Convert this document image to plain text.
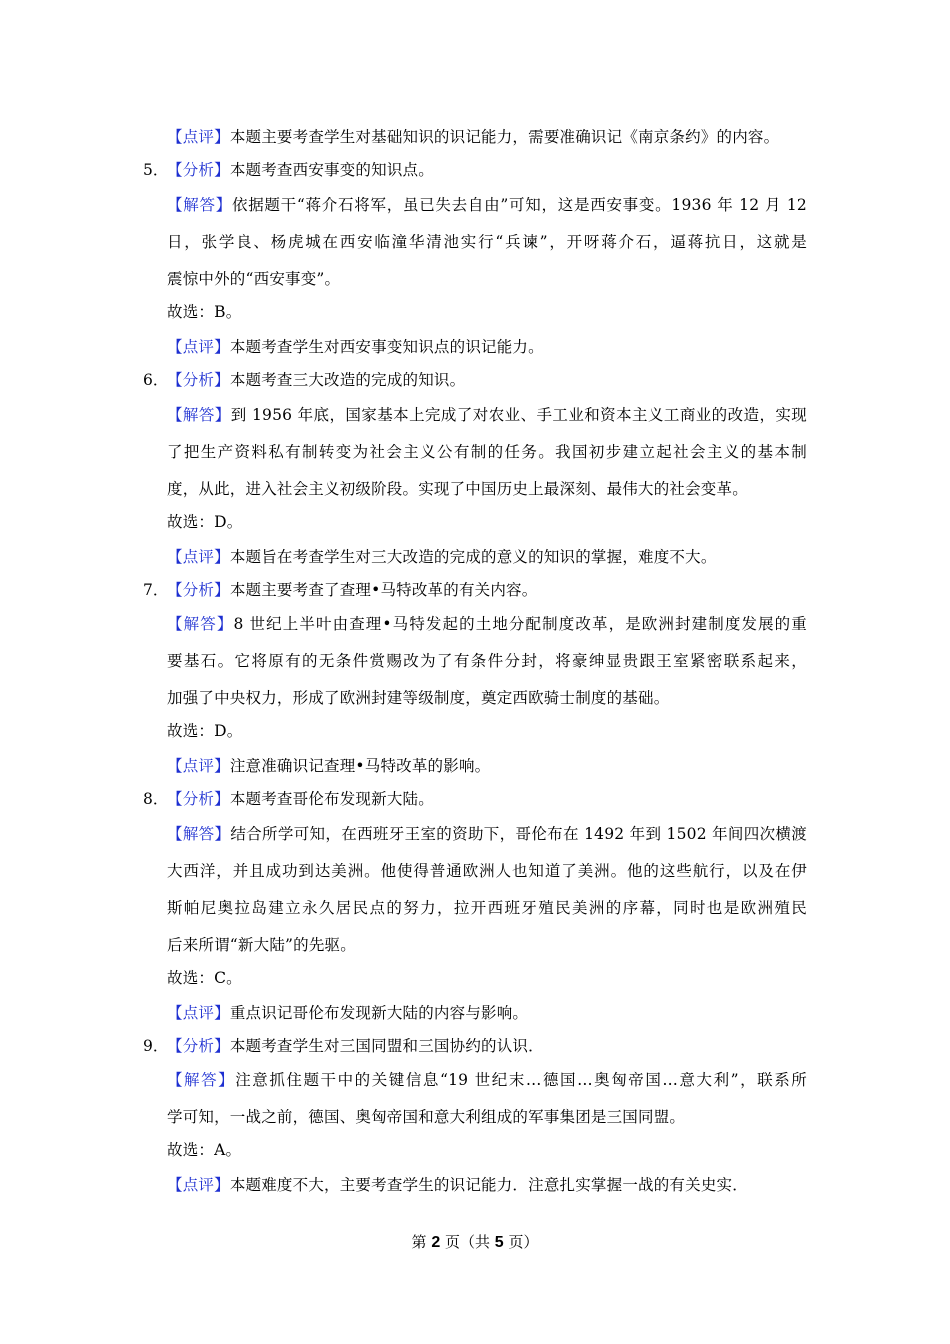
【点评】本题主要考查学生对基础知识的识记能力，需要准确识记《南京条约》的内容。
5．
【分析】本题考查西安事变的知识点。
【解答】依据题干“蒋介石将军，虽已失去自由”可知，这是西安事变。1936 年 12 月 12
日，张学良、杨虎城在西安临潼华清池实行“兵谏”，开呀蒋介石，逼蒋抗日，这就是
震惊中外的“西安事变”。
故选：B。
【点评】本题考查学生对西安事变知识点的识记能力。
6．
【分析】本题考查三大改造的完成的知识。
【解答】到 1956 年底，国家基本上完成了对农业、手工业和资本主义工商业的改造，实现
了把生产资料私有制转变为社会主义公有制的任务。我国初步建立起社会主义的基本制
度，从此，进入社会主义初级阶段。实现了中国历史上最深刻、最伟大的社会变革。
故选：D。
【点评】本题旨在考查学生对三大改造的完成的意义的知识的掌握，难度不大。
7．
【分析】本题主要考查了查理•马特改革的有关内容。
【解答】8 世纪上半叶由查理•马特发起的土地分配制度改革，是欧洲封建制度发展的重
要基石。它将原有的无条件赏赐改为了有条件分封，将豪绅显贵跟王室紧密联系起来，
加强了中央权力，形成了欧洲封建等级制度，奠定西欧骑士制度的基础。
故选：D。
【点评】注意准确识记查理•马特改革的影响。
8．
【分析】本题考查哥伦布发现新大陆。
【解答】结合所学可知，在西班牙王室的资助下，哥伦布在 1492 年到 1502 年间四次横渡
大西洋，并且成功到达美洲。他使得普通欧洲人也知道了美洲。他的这些航行，以及在伊
斯帕尼奥拉岛建立永久居民点的努力，拉开西班牙殖民美洲的序幕，同时也是欧洲殖民
后来所谓“新大陆”的先驱。
故选：C。
【点评】重点识记哥伦布发现新大陆的内容与影响。
9．
【分析】本题考查学生对三国同盟和三国协约的认识．
【解答】注意抓住题干中的关键信息“19 世纪末…德国…奥匈帝国…意大利”，联系所
学可知，一战之前，德国、奥匈帝国和意大利组成的军事集团是三国同盟。
故选：A。
【点评】本题难度不大，主要考查学生的识记能力．注意扎实掌握一战的有关史实．
第 2 页（共 5 页）
